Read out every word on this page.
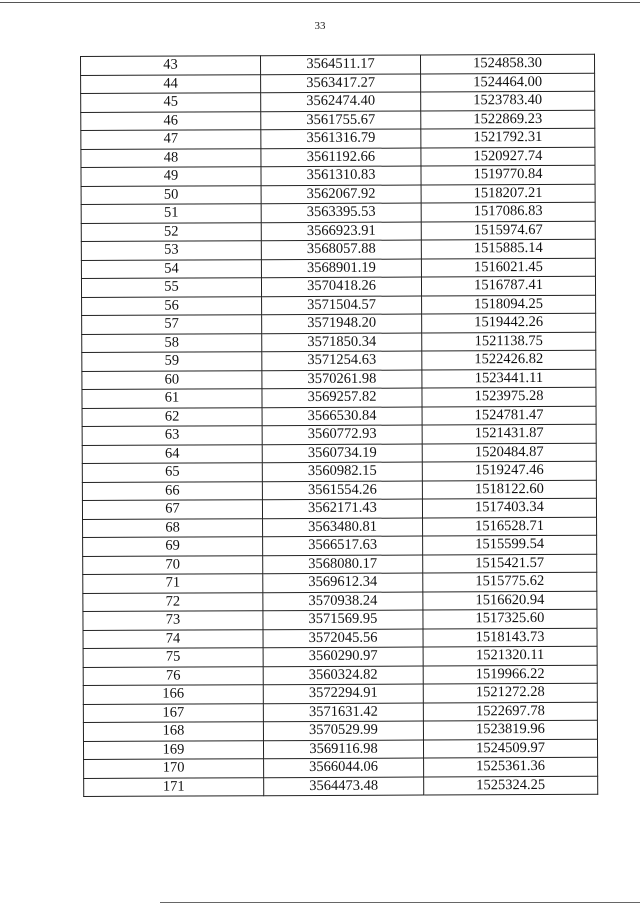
33
43	3564511.17	1524858.30
44	3563417.27	1524464.00
45	3562474.40	1523783.40
46	3561755.67	1522869.23
47	3561316.79	1521792.31
48	3561192.66	1520927.74
49	3561310.83	1519770.84
50	3562067.92	1518207.21
51	3563395.53	1517086.83
52	3566923.91	1515974.67
53	3568057.88	1515885.14
54	3568901.19	1516021.45
55	3570418.26	1516787.41
56	3571504.57	1518094.25
57	3571948.20	1519442.26
58	3571850.34	1521138.75
59	3571254.63	1522426.82
60	3570261.98	1523441.11
61	3569257.82	1523975.28
62	3566530.84	1524781.47
63	3560772.93	1521431.87
64	3560734.19	1520484.87
65	3560982.15	1519247.46
66	3561554.26	1518122.60
67	3562171.43	1517403.34
68	3563480.81	1516528.71
69	3566517.63	1515599.54
70	3568080.17	1515421.57
71	3569612.34	1515775.62
72	3570938.24	1516620.94
73	3571569.95	1517325.60
74	3572045.56	1518143.73
75	3560290.97	1521320.11
76	3560324.82	1519966.22
166	3572294.91	1521272.28
167	3571631.42	1522697.78
168	3570529.99	1523819.96
169	3569116.98	1524509.97
170	3566044.06	1525361.36
171	3564473.48	1525324.25
